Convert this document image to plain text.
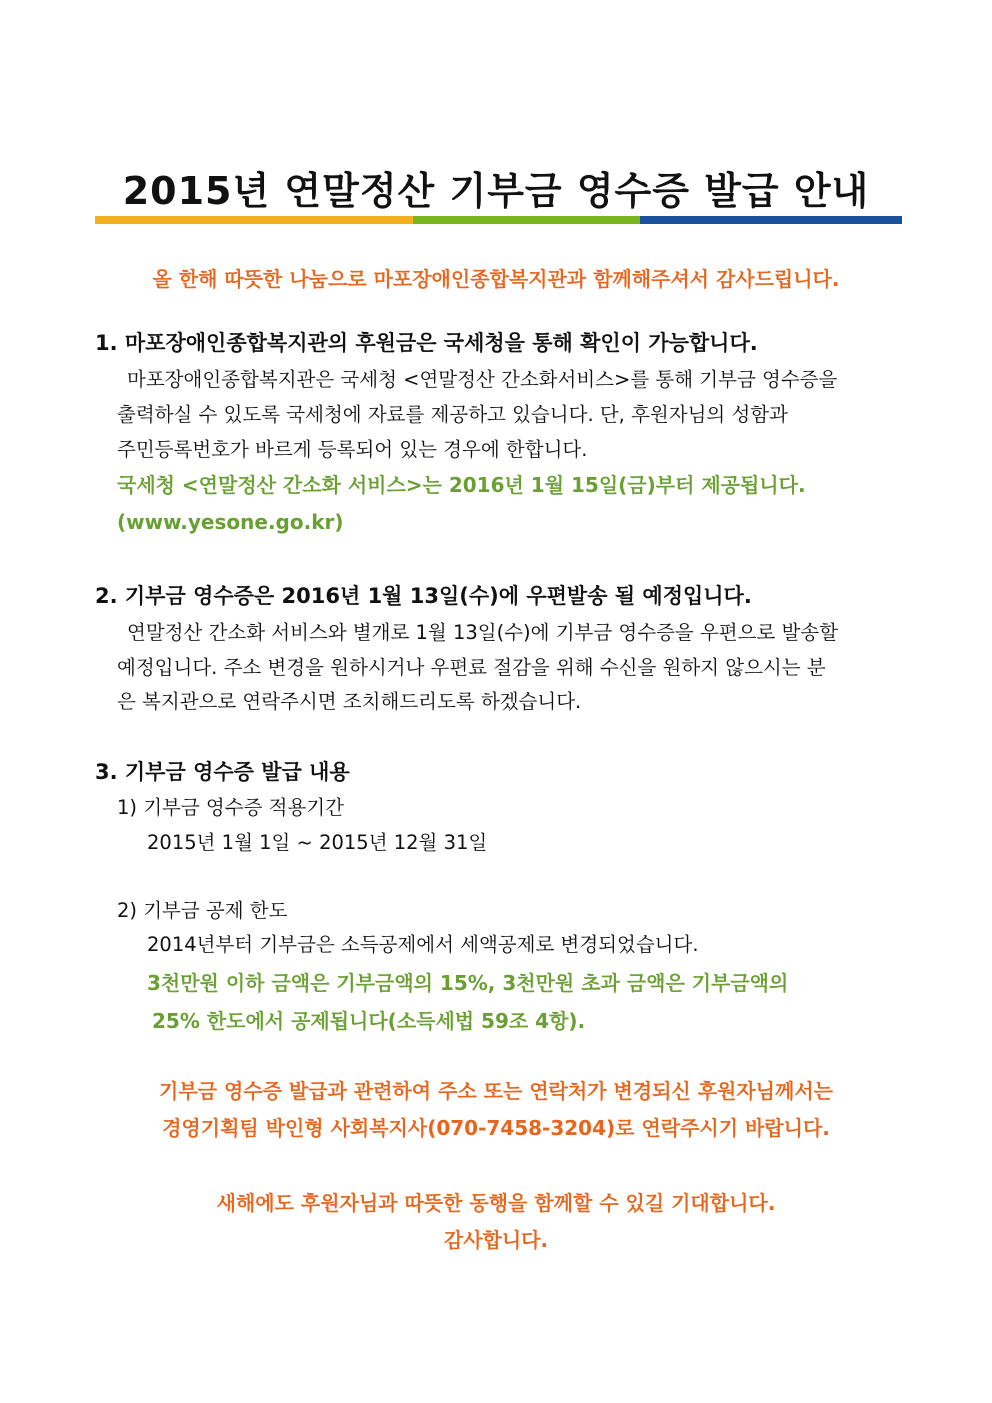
2015년 연말정산 기부금 영수증 발급 안내
올 한해 따뜻한 나눔으로 마포장애인종합복지관과 함께해주셔서 감사드립니다.
1. 마포장애인종합복지관의 후원금은 국세청을 통해 확인이 가능합니다.
마포장애인종합복지관은 국세청 <연말정산 간소화서비스>를 통해 기부금 영수증을
출력하실 수 있도록 국세청에 자료를 제공하고 있습니다. 단, 후원자님의 성함과
주민등록번호가 바르게 등록되어 있는 경우에 한합니다.
국세청 <연말정산 간소화 서비스>는 2016년 1월 15일(금)부터 제공됩니다.
(www.yesone.go.kr)
2. 기부금 영수증은 2016년 1월 13일(수)에 우편발송 될 예정입니다.
연말정산 간소화 서비스와 별개로 1월 13일(수)에 기부금 영수증을 우편으로 발송할
예정입니다. 주소 변경을 원하시거나 우편료 절감을 위해 수신을 원하지 않으시는 분
은 복지관으로 연락주시면 조치해드리도록 하겠습니다.
3. 기부금 영수증 발급 내용
1) 기부금 영수증 적용기간
2015년 1월 1일 ~ 2015년 12월 31일
2) 기부금 공제 한도
2014년부터 기부금은 소득공제에서 세액공제로 변경되었습니다.
3천만원 이하 금액은 기부금액의 15%, 3천만원 초과 금액은 기부금액의
25% 한도에서 공제됩니다(소득세법 59조 4항).
기부금 영수증 발급과 관련하여 주소 또는 연락처가 변경되신 후원자님께서는
경영기획팀 박인형 사회복지사(070-7458-3204)로 연락주시기 바랍니다.
새해에도 후원자님과 따뜻한 동행을 함께할 수 있길 기대합니다.
감사합니다.
